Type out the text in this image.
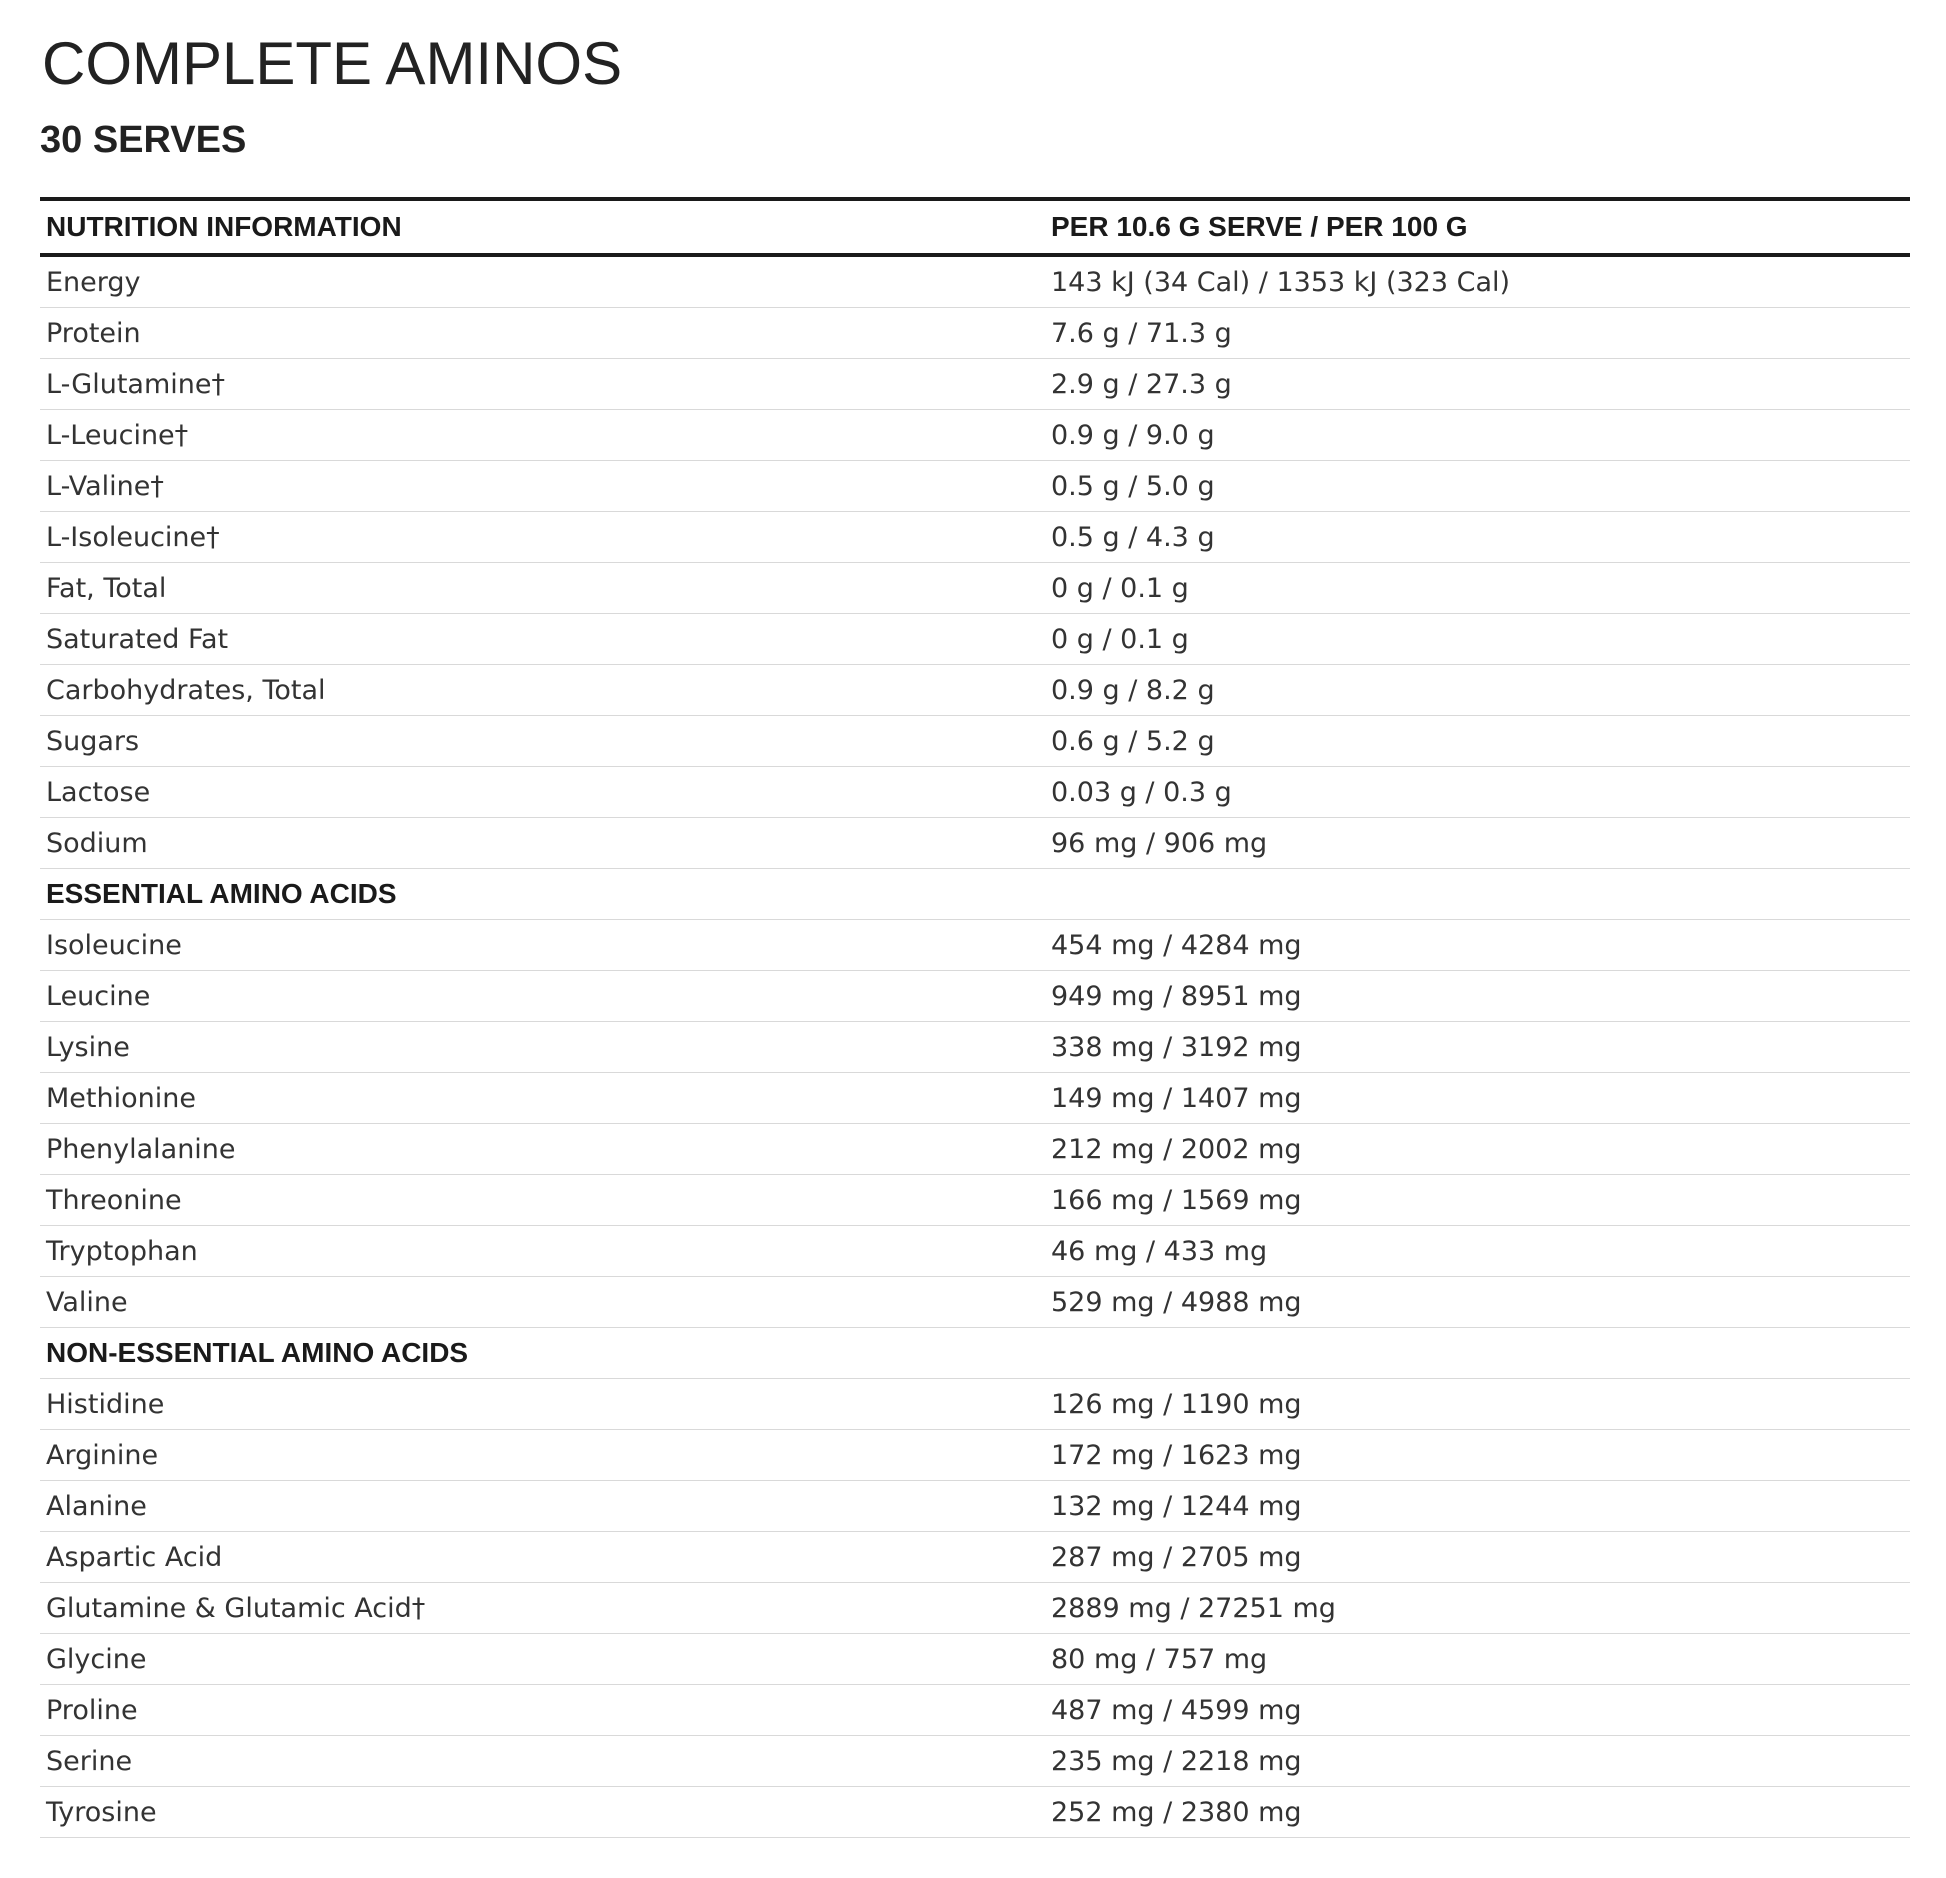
COMPLETE AMINOS
30 SERVES
NUTRITION INFORMATION	PER 10.6 G SERVE / PER 100 G
Energy	143 kJ (34 Cal) / 1353 kJ (323 Cal)
Protein	7.6 g / 71.3 g
L-Glutamine†	2.9 g / 27.3 g
L-Leucine†	0.9 g / 9.0 g
L-Valine†	0.5 g / 5.0 g
L-Isoleucine†	0.5 g / 4.3 g
Fat, Total	0 g / 0.1 g
Saturated Fat	0 g / 0.1 g
Carbohydrates, Total	0.9 g / 8.2 g
Sugars	0.6 g / 5.2 g
Lactose	0.03 g / 0.3 g
Sodium	96 mg / 906 mg
ESSENTIAL AMINO ACIDS	
Isoleucine	454 mg / 4284 mg
Leucine	949 mg / 8951 mg
Lysine	338 mg / 3192 mg
Methionine	149 mg / 1407 mg
Phenylalanine	212 mg / 2002 mg
Threonine	166 mg / 1569 mg
Tryptophan	46 mg / 433 mg
Valine	529 mg / 4988 mg
NON-ESSENTIAL AMINO ACIDS	
Histidine	126 mg / 1190 mg
Arginine	172 mg / 1623 mg
Alanine	132 mg / 1244 mg
Aspartic Acid	287 mg / 2705 mg
Glutamine & Glutamic Acid†	2889 mg / 27251 mg
Glycine	80 mg / 757 mg
Proline	487 mg / 4599 mg
Serine	235 mg / 2218 mg
Tyrosine	252 mg / 2380 mg
